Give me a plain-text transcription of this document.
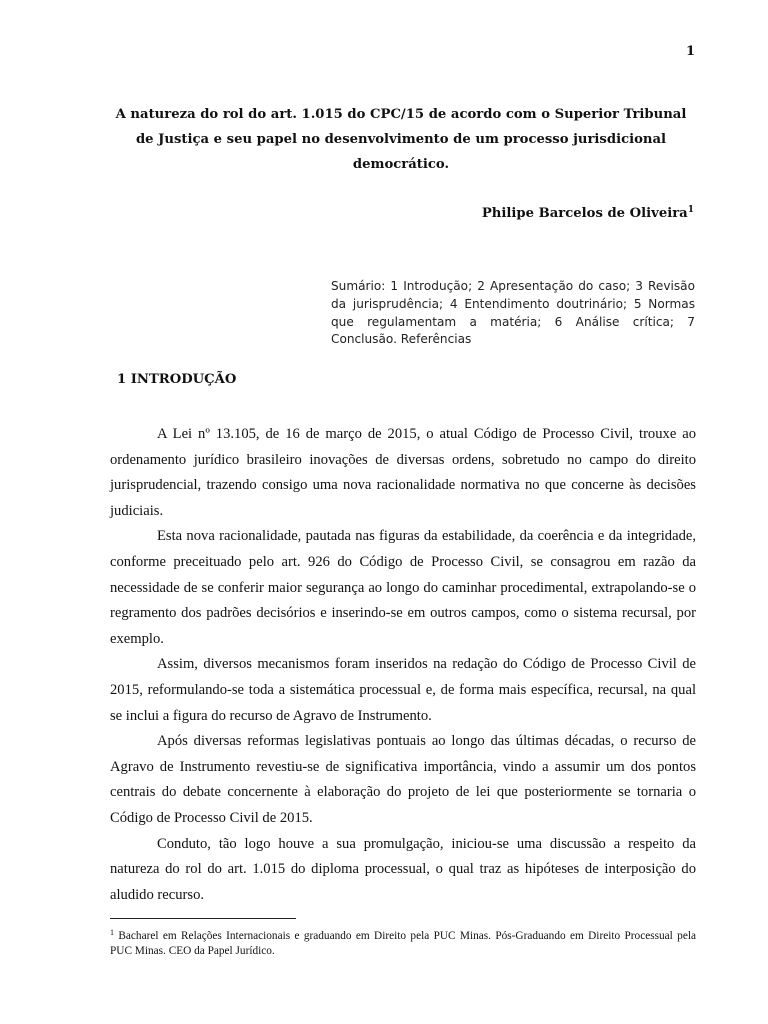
1
A natureza do rol do art. 1.015 do CPC/15 de acordo com o Superior Tribunal de Justiça e seu papel no desenvolvimento de um processo jurisdicional democrático.
Philipe Barcelos de Oliveira$^1$
Sumário: 1 Introdução; 2 Apresentação do caso; 3 Revisão da jurisprudência; 4 Entendimento doutrinário; 5 Normas que regulamentam a matéria; 6 Análise crítica; 7 Conclusão. Referências
1 INTRODUÇÃO

A Lei nº 13.105, de 16 de março de 2015, o atual Código de Processo Civil, trouxe ao ordenamento jurídico brasileiro inovações de diversas ordens, sobretudo no campo do direito jurisprudencial, trazendo consigo uma nova racionalidade normativa no que concerne às decisões judiciais.

Esta nova racionalidade, pautada nas figuras da estabilidade, da coerência e da integridade, conforme preceituado pelo art. 926 do Código de Processo Civil, se consagrou em razão da necessidade de se conferir maior segurança ao longo do caminhar procedimental, extrapolando-se o regramento dos padrões decisórios e inserindo-se em outros campos, como o sistema recursal, por exemplo.

Assim, diversos mecanismos foram inseridos na redação do Código de Processo Civil de 2015, reformulando-se toda a sistemática processual e, de forma mais específica, recursal, na qual se inclui a figura do recurso de Agravo de Instrumento.

Após diversas reformas legislativas pontuais ao longo das últimas décadas, o recurso de Agravo de Instrumento revestiu-se de significativa importância, vindo a assumir um dos pontos centrais do debate concernente à elaboração do projeto de lei que posteriormente se tornaria o Código de Processo Civil de 2015.

Conduto, tão logo houve a sua promulgação, iniciou-se uma discussão a respeito da natureza do rol do art. 1.015 do diploma processual, o qual traz as hipóteses de interposição do aludido recurso.

$^1$ Bacharel em Relações Internacionais e graduando em Direito pela PUC Minas. Pós-Graduando em Direito Processual pela PUC Minas. CEO da Papel Jurídico.
